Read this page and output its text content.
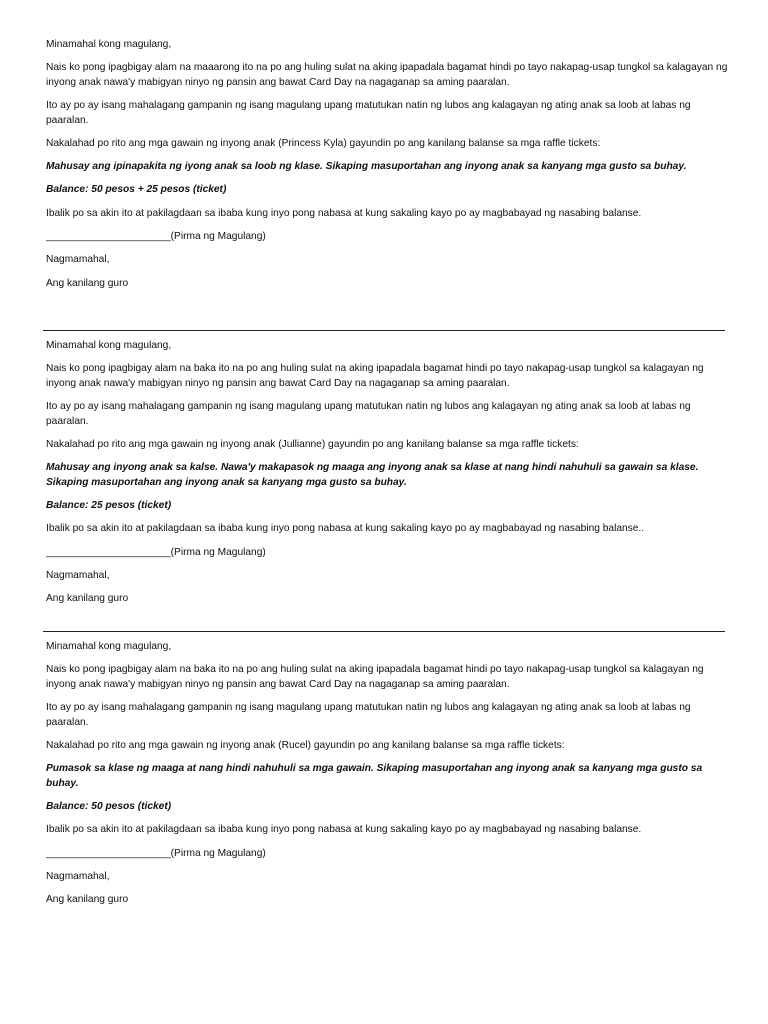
Minamahal kong magulang,

Nais ko pong ipagbigay alam na maaarong ito na po ang huling sulat na aking ipapadala bagamat hindi po tayo nakapag-usap tungkol sa kalagayan ng inyong anak nawa'y mabigyan ninyo ng pansin ang bawat Card Day na nagaganap sa aming paaralan.

Ito ay po ay isang mahalagang gampanin ng isang magulang upang matutukan natin ng lubos ang kalagayan ng ating anak sa loob at labas ng paaralan.

Nakalahad po rito ang mga gawain ng inyong anak (Princess Kyla) gayundin po ang kanilang balanse sa mga raffle tickets:

Mahusay ang ipinapakita ng iyong anak sa loob ng klase. Sikaping masuportahan ang inyong anak sa kanyang mga gusto sa buhay.

Balance: 50 pesos + 25 pesos (ticket)

Ibalik po sa akin ito at pakilagdaan sa ibaba kung inyo pong nabasa at kung sakaling kayo po ay magbabayad ng nasabing balanse.

______________________(Pirma ng Magulang)

Nagmamahal,

Ang kanilang guro

Minamahal kong magulang,

Nais ko pong ipagbigay alam na baka ito na po ang huling sulat na aking ipapadala bagamat hindi po tayo nakapag-usap tungkol sa kalagayan ng inyong anak nawa'y mabigyan ninyo ng pansin ang bawat Card Day na nagaganap sa aming paaralan.

Ito ay po ay isang mahalagang gampanin ng isang magulang upang matutukan natin ng lubos ang kalagayan ng ating anak sa loob at labas ng paaralan.

Nakalahad po rito ang mga gawain ng inyong anak (Jullianne) gayundin po ang kanilang balanse sa mga raffle tickets:

Mahusay ang inyong anak sa kalse. Nawa'y makapasok ng maaga ang inyong anak sa klase at nang hindi nahuhuli sa gawain sa klase. Sikaping masuportahan ang inyong anak sa kanyang mga gusto sa buhay.

Balance: 25 pesos (ticket)

Ibalik po sa akin ito at pakilagdaan sa ibaba kung inyo pong nabasa at kung sakaling kayo po ay magbabayad ng nasabing balanse..

______________________(Pirma ng Magulang)

Nagmamahal,

Ang kanilang guro

Minamahal kong magulang,

Nais ko pong ipagbigay alam na baka ito na po ang huling sulat na aking ipapadala bagamat hindi po tayo nakapag-usap tungkol sa kalagayan ng inyong anak nawa'y mabigyan ninyo ng pansin ang bawat Card Day na nagaganap sa aming paaralan.

Ito ay po ay isang mahalagang gampanin ng isang magulang upang matutukan natin ng lubos ang kalagayan ng ating anak sa loob at labas ng paaralan.

Nakalahad po rito ang mga gawain ng inyong anak (Rucel) gayundin po ang kanilang balanse sa mga raffle tickets:

Pumasok sa klase ng maaga at nang hindi nahuhuli sa mga gawain. Sikaping masuportahan ang inyong anak sa kanyang mga gusto sa buhay.

Balance: 50 pesos (ticket)

Ibalik po sa akin ito at pakilagdaan sa ibaba kung inyo pong nabasa at kung sakaling kayo po ay magbabayad ng nasabing balanse.

______________________(Pirma ng Magulang)

Nagmamahal,

Ang kanilang guro
